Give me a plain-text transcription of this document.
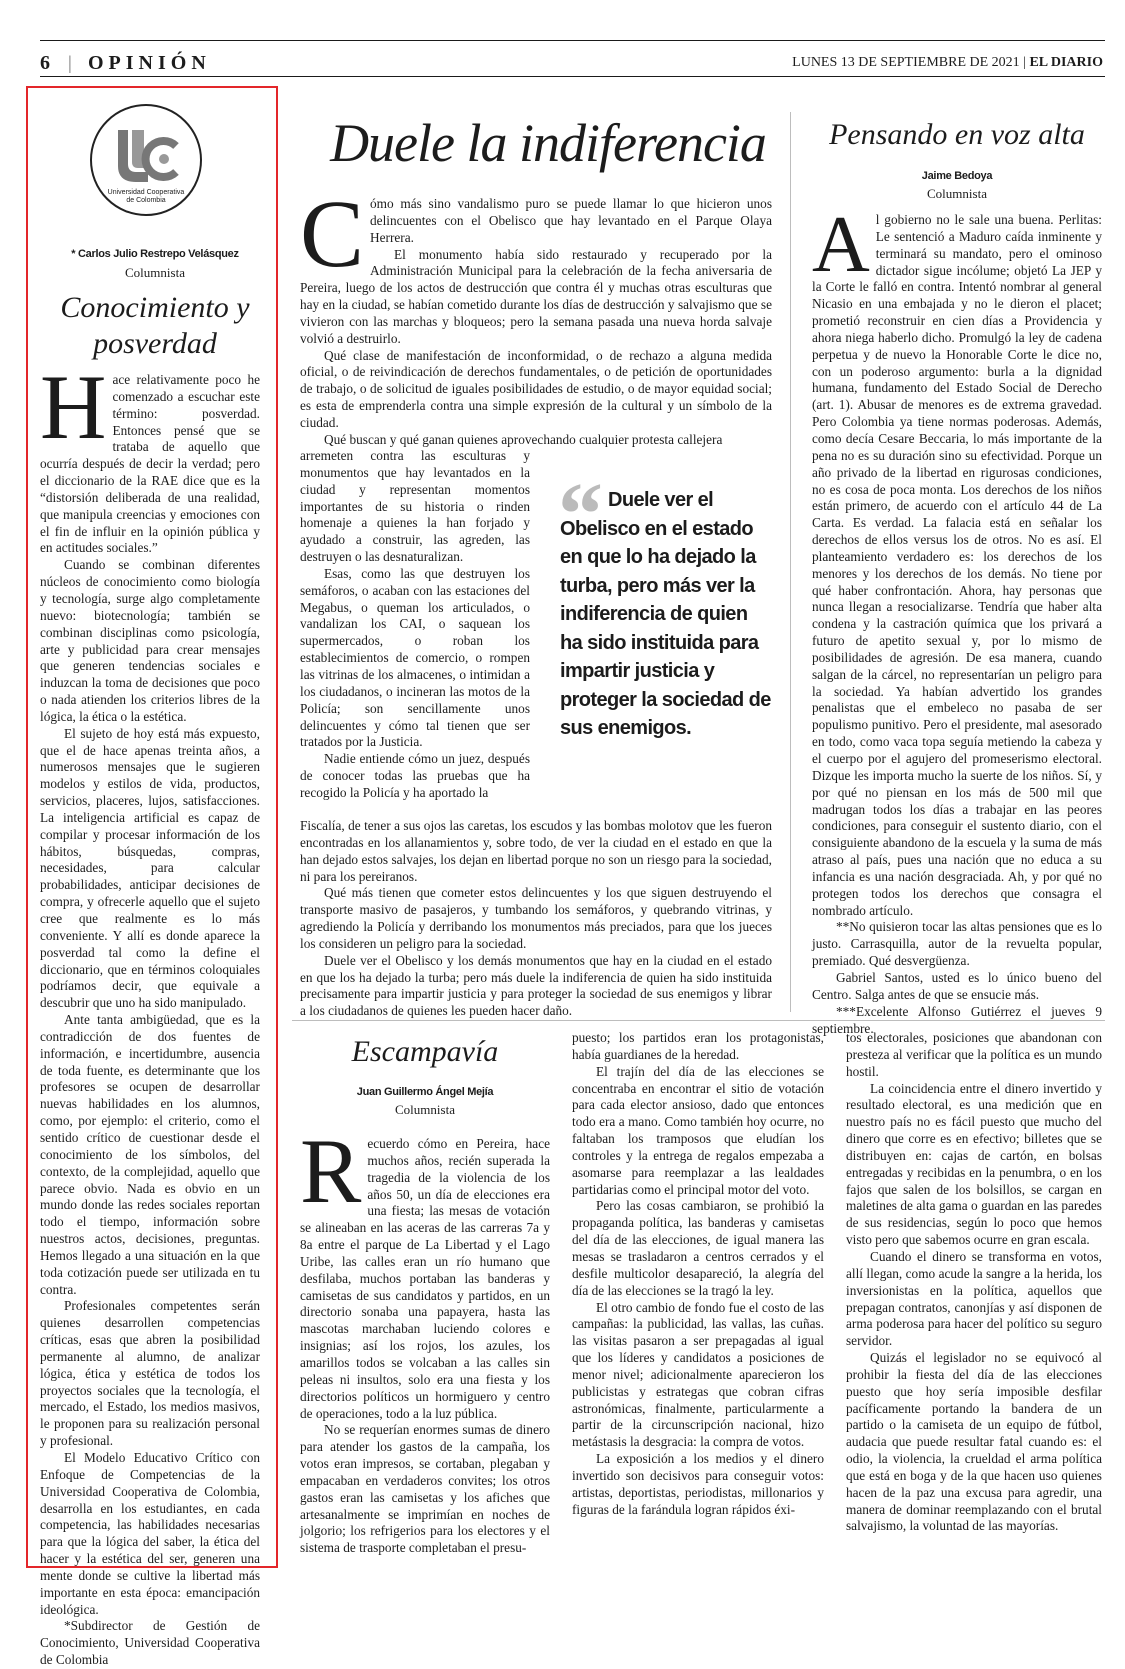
6 | OPINIÓN	LUNES 13 DE SEPTIEMBRE DE 2021 | EL DIARIO
Universidad Cooperativa
de Colombia
* Carlos Julio Restrepo Velásquez
Columnista
Conocimiento y
posverdad
H ace relativamente poco he comenzado a escuchar este término: posverdad. Entonces pensé que se trataba de aquello que ocurría después de decir la verdad; pero el diccionario de la RAE dice que es la “distorsión deliberada de una realidad, que manipula creencias y emociones con el fin de influir en la opinión pública y en actitudes sociales.”

Cuando se combinan diferentes núcleos de conocimiento como biología y tecnología, surge algo completamente nuevo: biotecnología; también se combinan disciplinas como psicología, arte y publicidad para crear mensajes que generen tendencias sociales e induzcan la toma de decisiones que poco o nada atienden los criterios libres de la lógica, la ética o la estética.

El sujeto de hoy está más expuesto, que el de hace apenas treinta años, a numerosos mensajes que le sugieren modelos y estilos de vida, productos, servicios, placeres, lujos, satisfacciones. La inteligencia artificial es capaz de compilar y procesar información de los hábitos, búsquedas, compras, necesidades, para calcular probabilidades, anticipar decisiones de compra, y ofrecerle aquello que el sujeto cree que realmente es lo más conveniente. Y allí es donde aparece la posverdad tal como la define el diccionario, que en términos coloquiales podríamos decir, que equivale a descubrir que uno ha sido manipulado.

Ante tanta ambigüedad, que es la contradicción de dos fuentes de información, e incertidumbre, ausencia de toda fuente, es determinante que los profesores se ocupen de desarrollar nuevas habilidades en los alumnos, como, por ejemplo: el criterio, como el sentido crítico de cuestionar desde el conocimiento de los símbolos, del contexto, de la complejidad, aquello que parece obvio. Nada es obvio en un mundo donde las redes sociales reportan todo el tiempo, información sobre nuestros actos, decisiones, preguntas. Hemos llegado a una situación en la que toda cotización puede ser utilizada en tu contra.

Profesionales competentes serán quienes desarrollen competencias críticas, esas que abren la posibilidad permanente al alumno, de analizar lógica, ética y estética de todos los proyectos sociales que la tecnología, el mercado, el Estado, los medios masivos, le proponen para su realización personal y profesional.

El Modelo Educativo Crítico con Enfoque de Competencias de la Universidad Cooperativa de Colombia, desarrolla en los estudiantes, en cada competencia, las habilidades necesarias para que la lógica del saber, la ética del hacer y la estética del ser, generen una mente donde se cultive la libertad más importante en esta época: emancipación ideológica.

*Subdirector de Gestión de Conocimiento, Universidad Cooperativa de Colombia

Duele la indiferencia
C ómo más sino vandalismo puro se puede llamar lo que hicieron unos delincuentes con el Obelisco que hay levantado en el Parque Olaya Herrera.

El monumento había sido restaurado y recuperado por la Administración Municipal para la celebración de la fecha aniversaria de Pereira, luego de los actos de destrucción que contra él y muchas otras esculturas que hay en la ciudad, se habían cometido durante los días de destrucción y salvajismo que se vivieron con las marchas y bloqueos; pero la semana pasada una nueva horda salvaje volvió a destruirlo.

Qué clase de manifestación de inconformidad, o de rechazo a alguna medida oficial, o de reivindicación de derechos fundamentales, o de petición de oportunidades de trabajo, o de solicitud de iguales posibilidades de estudio, o de mayor equidad social; es esta de emprenderla contra una simple expresión de la cultural y un símbolo de la ciudad.

Qué buscan y qué ganan quienes aprovechando cualquier protesta callejera

arremeten contra las esculturas y monumentos que hay levantados en la ciudad y representan momentos importantes de su historia o rinden homenaje a quienes la han forjado y ayudado a construir, las agreden, las destruyen o las desnaturalizan.

Esas, como las que destruyen los semáforos, o acaban con las estaciones del Megabus, o queman los articulados, o vandalizan los CAI, o saquean los supermercados, o roban los establecimientos de comercio, o rompen las vitrinas de los almacenes, o intimidan a los ciudadanos, o incineran las motos de la Policía; son sencillamente unos delincuentes y cómo tal tienen que ser tratados por la Justicia.

Nadie entiende cómo un juez, después de conocer todas las pruebas que ha recogido la Policía y ha aportado la

“ Duele ver el Obelisco en el estado en que lo ha dejado la turba, pero más ver la indiferencia de quien ha sido instituida para impartir justicia y proteger la sociedad de sus enemigos.

Fiscalía, de tener a sus ojos las caretas, los escudos y las bombas molotov que les fueron encontradas en los allanamientos y, sobre todo, de ver la ciudad en el estado en que la han dejado estos salvajes, los dejan en libertad porque no son un riesgo para la sociedad, ni para los pereiranos.

Qué más tienen que cometer estos delincuentes y los que siguen destruyendo el transporte masivo de pasajeros, y tumbando los semáforos, y quebrando vitrinas, y agrediendo la Policía y derribando los monumentos más preciados, para que los jueces los consideren un peligro para la sociedad.

Duele ver el Obelisco y los demás monumentos que hay en la ciudad en el estado en que los ha dejado la turba; pero más duele la indiferencia de quien ha sido instituida precisamente para impartir justicia y para proteger la sociedad de sus enemigos y librar a los ciudadanos de quienes les pueden hacer daño.

Pensando en voz alta
Jaime Bedoya
Columnista
A l gobierno no le sale una buena. Perlitas: Le sentenció a Maduro caída inminente y terminará su mandato, pero el ominoso dictador sigue incólume; objetó La JEP y la Corte le falló en contra. Intentó nombrar al general Nicasio en una embajada y no le dieron el placet; prometió reconstruir en cien días a Providencia y ahora niega haberlo dicho. Promulgó la ley de cadena perpetua y de nuevo la Honorable Corte le dice no, con un poderoso argumento: burla a la dignidad humana, fundamento del Estado Social de Derecho (art. 1). Abusar de menores es de extrema gravedad. Pero Colombia ya tiene normas poderosas. Además, como decía Cesare Beccaria, lo más importante de la pena no es su duración sino su efectividad. Porque un año privado de la libertad en rigurosas condiciones, no es cosa de poca monta. Los derechos de los niños están primero, de acuerdo con el artículo 44 de La Carta. Es verdad. La falacia está en señalar los derechos de ellos versus los de otros. No es así. El planteamiento verdadero es: los derechos de los menores y los derechos de los demás. No tiene por qué haber confrontación. Ahora, hay personas que nunca llegan a resocializarse. Tendría que haber alta condena y la castración química que los privará a futuro de apetito sexual y, por lo mismo de posibilidades de agresión. De esa manera, cuando salgan de la cárcel, no representarían un peligro para la sociedad. Ya habían advertido los grandes penalistas que el embeleco no pasaba de ser populismo punitivo. Pero el presidente, mal asesorado en todo, como vaca topa seguía metiendo la cabeza y el cuerpo por el agujero del promeserismo electoral. Dizque les importa mucho la suerte de los niños. Sí, y por qué no piensan en los más de 500 mil que madrugan todos los días a trabajar en las peores condiciones, para conseguir el sustento diario, con el consiguiente abandono de la escuela y la suma de más atraso al país, pues una nación que no educa a su infancia es una nación desgraciada. Ah, y por qué no protegen todos los derechos que consagra el nombrado artículo.

**No quisieron tocar las altas pensiones que es lo justo. Carrasquilla, autor de la revuelta popular, premiado. Qué desvergüenza.

Gabriel Santos, usted es lo único bueno del Centro. Salga antes de que se ensucie más.

***Excelente Alfonso Gutiérrez el jueves 9 septiembre.

Escampavía
Juan Guillermo Ángel Mejía
Columnista
R ecuerdo cómo en Pereira, hace muchos años, recién superada la tragedia de la violencia de los años 50, un día de elecciones era una fiesta; las mesas de votación se alineaban en las aceras de las carreras 7a y 8a entre el parque de La Libertad y el Lago Uribe, las calles eran un río humano que desfilaba, muchos portaban las banderas y camisetas de sus candidatos y partidos, en un directorio sonaba una papayera, hasta las mascotas marchaban luciendo colores e insignias; así los rojos, los azules, los amarillos todos se volcaban a las calles sin peleas ni insultos, solo era una fiesta y los directorios políticos un hormiguero y centro de operaciones, todo a la luz pública.

No se requerían enormes sumas de dinero para atender los gastos de la campaña, los votos eran impresos, se cortaban, plegaban y empacaban en verdaderos convites; los otros gastos eran las camisetas y los afiches que artesanalmente se imprimían en noches de jolgorio; los refrigerios para los electores y el sistema de trasporte completaban el presu-

puesto; los partidos eran los protagonistas, había guardianes de la heredad.

El trajín del día de las elecciones se concentraba en encontrar el sitio de votación para cada elector ansioso, dado que entonces todo era a mano. Como también hoy ocurre, no faltaban los tramposos que eludían los controles y la entrega de regalos empezaba a asomarse para reemplazar a las lealdades partidarias como el principal motor del voto.

Pero las cosas cambiaron, se prohibió la propaganda política, las banderas y camisetas del día de las elecciones, de igual manera las mesas se trasladaron a centros cerrados y el desfile multicolor desapareció, la alegría del día de las elecciones se la tragó la ley.

El otro cambio de fondo fue el costo de las campañas: la publicidad, las vallas, las cuñas. las visitas pasaron a ser prepagadas al igual que los líderes y candidatos a posiciones de menor nivel; adicionalmente aparecieron los publicistas y estrategas que cobran cifras astronómicas, finalmente, particularmente a partir de la circunscripción nacional, hizo metástasis la desgracia: la compra de votos.

La exposición a los medios y el dinero invertido son decisivos para conseguir votos: artistas, deportistas, periodistas, millonarios y figuras de la farándula logran rápidos éxi-

tos electorales, posiciones que abandonan con presteza al verificar que la política es un mundo hostil.

La coincidencia entre el dinero invertido y resultado electoral, es una medición que en nuestro país no es fácil puesto que mucho del dinero que corre es en efectivo; billetes que se distribuyen en: cajas de cartón, en bolsas entregadas y recibidas en la penumbra, o en los fajos que salen de los bolsillos, se cargan en maletines de alta gama o guardan en las paredes de sus residencias, según lo poco que hemos visto pero que sabemos ocurre en gran escala.

Cuando el dinero se transforma en votos, allí llegan, como acude la sangre a la herida, los inversionistas en la política, aquellos que prepagan contratos, canonjías y así disponen de arma poderosa para hacer del político su seguro servidor.

Quizás el legislador no se equivocó al prohibir la fiesta del día de las elecciones puesto que hoy sería imposible desfilar pacíficamente portando la bandera de un partido o la camiseta de un equipo de fútbol, audacia que puede resultar fatal cuando es: el odio, la violencia, la crueldad el arma política que está en boga y de la que hacen uso quienes hacen de la paz una excusa para agredir, una manera de dominar reemplazando con el brutal salvajismo, la voluntad de las mayorías.
